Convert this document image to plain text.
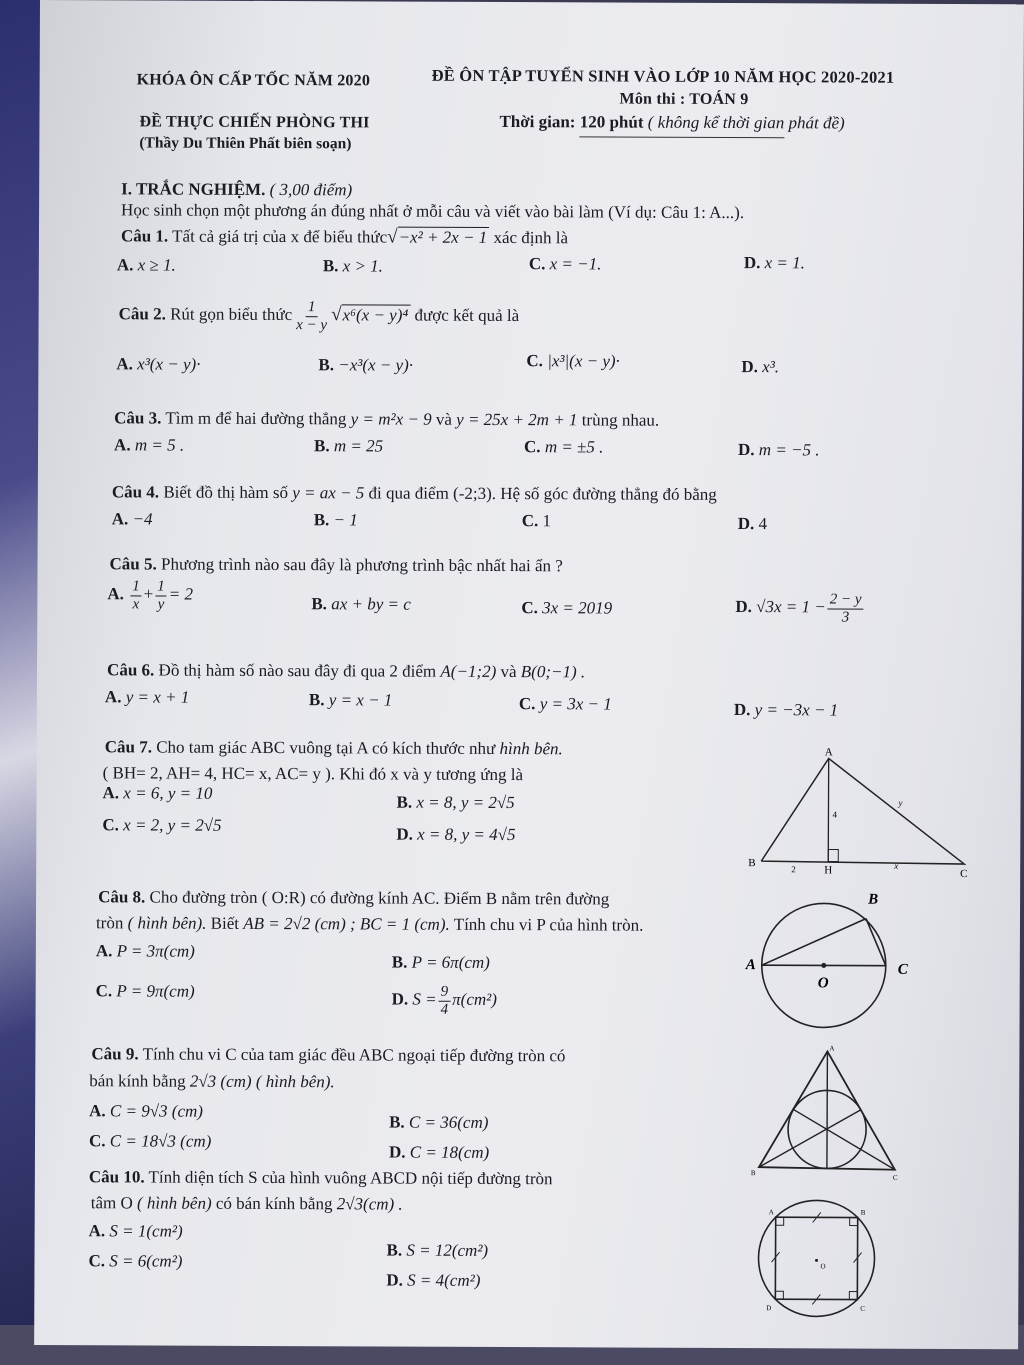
KHÓA ÔN CẤP TỐC NĂM 2020
ĐỀ THỰC CHIẾN PHÒNG THI
(Thầy Du Thiên Phất biên soạn)
ĐỀ ÔN TẬP TUYỂN SINH VÀO LỚP 10 NĂM HỌC 2020-2021
Môn thi : TOÁN 9
Thời gian: 120 phút ( không kể thời gian phát đề)
I. TRẮC NGHIỆM. ( 3,00 điểm)
Học sinh chọn một phương án đúng nhất ở mỗi câu và viết vào bài làm (Ví dụ: Câu 1: A...).
Câu 1. Tất cả giá trị của x để biểu thức√−x² + 2x − 1 xác định là
A. x ≥ 1.	B. x > 1.	C. x = −1.	D. x = 1.
Câu 2. Rút gọn biểu thức $\frac{1}{x - y} √x^6(x - y)^4$ được kết quả là
A. x³(x − y)·	B. −x³(x − y)·	C. |x³|(x − y)·	D. x³.
Câu 3. Tìm m để hai đường thẳng y = m²x − 9 và y = 25x + 2m + 1 trùng nhau.
A. m = 5 .	B. m = 25	C. m = ±5 .	D. m = −5 .
Câu 4. Biết đồ thị hàm số y = ax − 5 đi qua điểm (-2;3). Hệ số góc đường thẳng đó bằng
A. −4	B. − 1	C. 1	D. 4
Câu 5. Phương trình nào sau đây là phương trình bậc nhất hai ẩn ?
A. $\frac{1}{x} + \frac{1}{y} = 2$
B. ax + by = c	C. 3x = 2019	D. $√3x = 1 - \frac{2 - y}{3}$
Câu 6. Đồ thị hàm số nào sau đây đi qua 2 điểm A(−1;2) và B(0;−1) .
A. y = x + 1	B. y = x − 1	C. y = 3x − 1	D. y = −3x − 1
Câu 7. Cho tam giác ABC vuông tại A có kích thước như hình bên.
( BH= 2, AH= 4, HC= x, AC= y ). Khi đó x và y tương ứng là
A. x = 6, y = 10	B. x = 8, y = 2√5
C. x = 2, y = 2√5	D. x = 8, y = 4√5
A
B
C
H
4
2	x
y
Câu 8. Cho đường tròn ( O:R) có đường kính AC. Điểm B nằm trên đường
tròn ( hình bên). Biết AB = 2√2 (cm) ; BC = 1 (cm). Tính chu vi P của hình tròn.
A. P = 3π(cm)
B. P = 6π(cm)
C. P = 9π(cm)	D. $S = \frac{9}{4} \pi(cm^2)$
B
A	C
O
Câu 9. Tính chu vi C của tam giác đều ABC ngoại tiếp đường tròn có
bán kính bằng 2√3 (cm) ( hình bên).
A. C = 9√3 (cm)
B. C = 36(cm)
C. C = 18√3 (cm)
D. C = 18(cm)
A
B
C
Câu 10. Tính diện tích S của hình vuông ABCD nội tiếp đường tròn
tâm O ( hình bên) có bán kính bằng 2√3(cm) .
A. S = 1(cm²)
B. S = 12(cm²)
C. S = 6(cm²)
D. S = 4(cm²)
A	B
C
D
O
